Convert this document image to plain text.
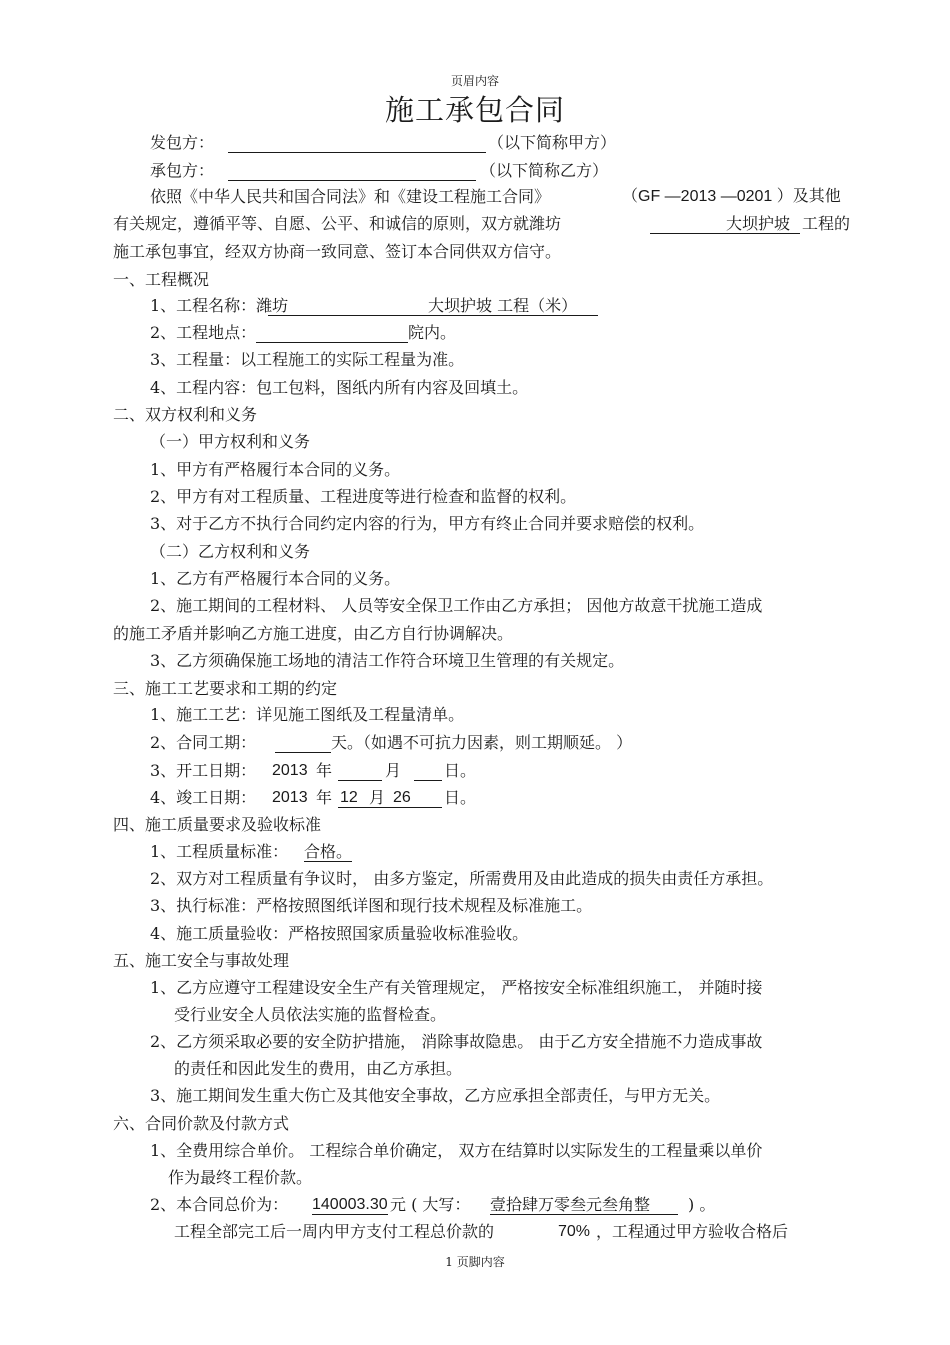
页眉内容
施工承包合同
发包方：	（以下简称甲方）
承包方：	（以下简称乙方）
依照《中华人民共和国合同法》和《建设工程施工合同》	（GF —2013 —0201 ）及其他
有关规定，遵循平等、自愿、公平、和诚信的原则，双方就潍坊	大坝护坡 工程的
施工承包事宜，经双方协商一致同意、签订本合同供双方信守。
一、工程概况
1、工程名称：潍坊	大坝护坡 工程（米）
2、工程地点：	院内。
3、工程量：以工程施工的实际工程量为准。
4、工程内容：包工包料，图纸内所有内容及回填土。
二、双方权利和义务
（一）甲方权利和义务
1、甲方有严格履行本合同的义务。
2、甲方有对工程质量、工程进度等进行检查和监督的权利。
3、对于乙方不执行合同约定内容的行为，甲方有终止合同并要求赔偿的权利。
（二）乙方权利和义务
1、乙方有严格履行本合同的义务。
2、施工期间的工程材料、 人员等安全保卫工作由乙方承担； 因他方故意干扰施工造成
的施工矛盾并影响乙方施工进度，由乙方自行协调解决。
3、乙方须确保施工场地的清洁工作符合环境卫生管理的有关规定。
三、施工工艺要求和工期的约定
1、施工工艺：详见施工图纸及工程量清单。
2、合同工期：	天 。（如遇不可抗力因素，则工期顺延。 ）
3、开工日期： 2013 年	月	日。
4、竣工日期： 2013 年 12 月 26 日。
四、施工质量要求及验收标准
1、工程质量标准： 合格。
2、双方对工程质量有争议时， 由多方鉴定，所需费用及由此造成的损失由责任方承担。
3、执行标准：严格按照图纸详图和现行技术规程及标准施工。
4、施工质量验收：严格按照国家质量验收标准验收。
五、施工安全与事故处理
1、乙方应遵守工程建设安全生产有关管理规定， 严格按安全标准组织施工， 并随时接
受行业安全人员依法实施的监督检查。
2、乙方须采取必要的安全防护措施， 消除事故隐患。 由于乙方安全措施不力造成事故
的责任和因此发生的费用，由乙方承担。
3、施工期间发生重大伤亡及其他安全事故，乙方应承担全部责任，与甲方无关。
六、合同价款及付款方式
1、全费用综合单价。 工程综合单价确定， 双方在结算时以实际发生的工程量乘以单价
作为最终工程价款。
2、本合同总价为： 140003.30 元 ( 大写： 壹拾肆万零叁元叁角整	) 。
工程全部完工后一周内甲方支付工程总价款的	70% ，工程通过甲方验收合格后
1 页脚内容
